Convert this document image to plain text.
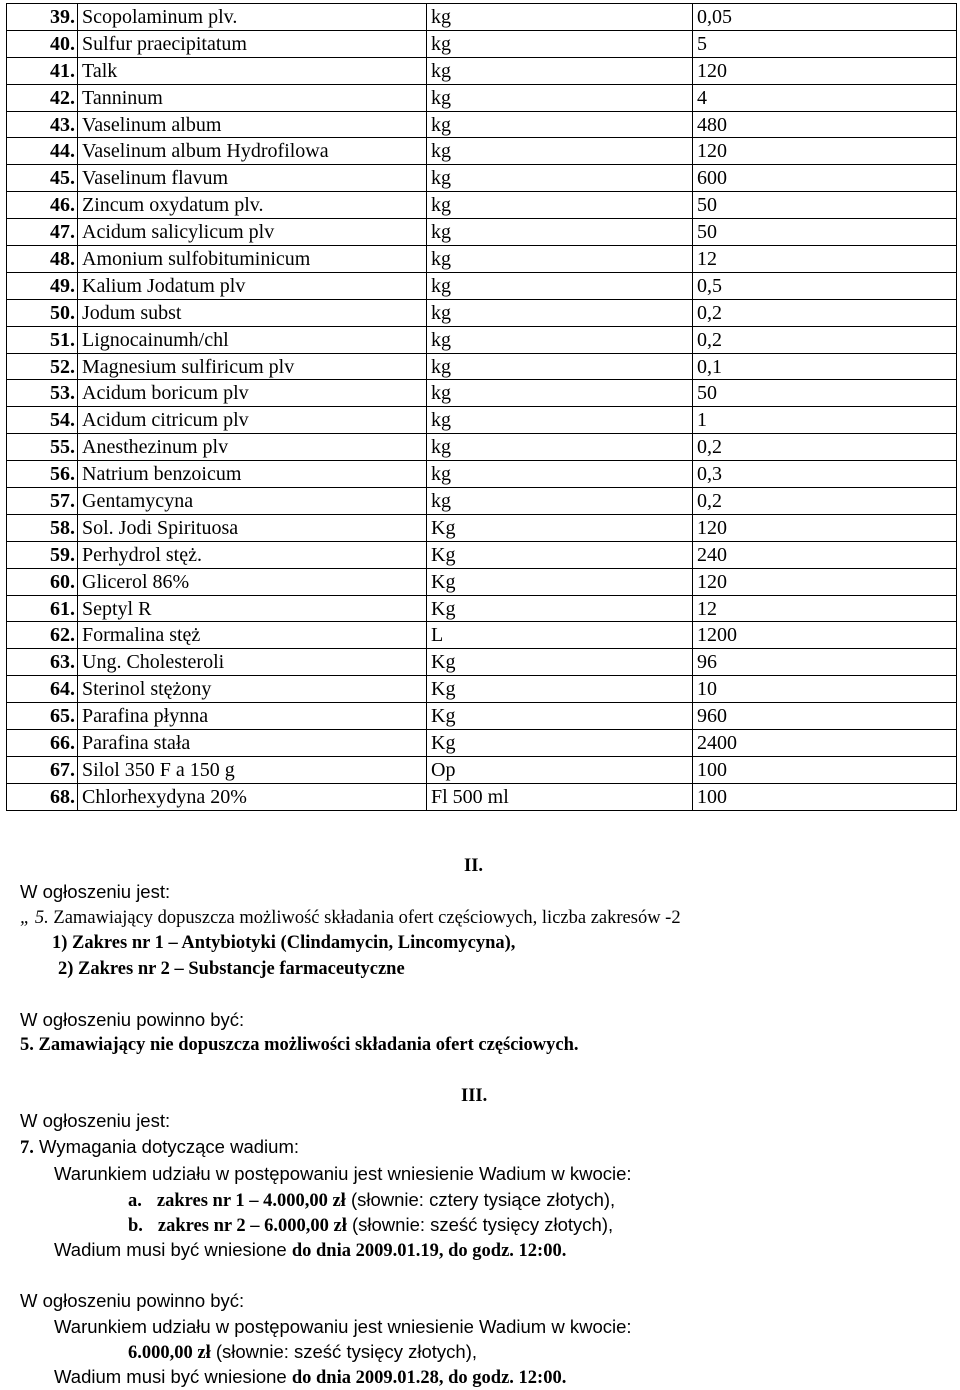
39.	Scopolaminum plv.	kg	0,05
40.	Sulfur praecipitatum	kg	5
41.	Talk	kg	120
42.	Tanninum	kg	4
43.	Vaselinum album	kg	480
44.	Vaselinum album Hydrofilowa	kg	120
45.	Vaselinum flavum	kg	600
46.	Zincum oxydatum plv.	kg	50
47.	Acidum salicylicum plv	kg	50
48.	Amonium sulfobituminicum	kg	12
49.	Kalium Jodatum plv	kg	0,5
50.	Jodum subst	kg	0,2
51.	Lignocainumh/chl	kg	0,2
52.	Magnesium sulfiricum plv	kg	0,1
53.	Acidum boricum plv	kg	50
54.	Acidum citricum plv	kg	1
55.	Anesthezinum plv	kg	0,2
56.	Natrium benzoicum	kg	0,3
57.	Gentamycyna	kg	0,2
58.	Sol. Jodi Spirituosa	Kg	120
59.	Perhydrol stęż.	Kg	240
60.	Glicerol 86%	Kg	120
61.	Septyl R	Kg	12
62.	Formalina stęż	L	1200
63.	Ung. Cholesteroli	Kg	96
64.	Sterinol stężony	Kg	10
65.	Parafina płynna	Kg	960
66.	Parafina stała	Kg	2400
67.	Silol 350 F a 150 g	Op	100
68.	Chlorhexydyna 20%	Fl 500 ml	100
II.
W ogłoszeniu jest:
„ 5. Zamawiający dopuszcza możliwość składania ofert częściowych, liczba zakresów -2
1) Zakres nr 1 – Antybiotyki (Clindamycin, Lincomycyna),
2) Zakres nr 2 – Substancje farmaceutyczne
W ogłoszeniu powinno być:
5. Zamawiający nie dopuszcza możliwości składania ofert częściowych.
III.
W ogłoszeniu jest:
7. Wymagania dotyczące wadium:
Warunkiem udziału w postępowaniu jest wniesienie Wadium w kwocie:
a. zakres nr 1 – 4.000,00 zł (słownie: cztery tysiące złotych),
b. zakres nr 2 – 6.000,00 zł (słownie: sześć tysięcy złotych),
Wadium musi być wniesione do dnia 2009.01.19, do godz. 12:00.
W ogłoszeniu powinno być:
Warunkiem udziału w postępowaniu jest wniesienie Wadium w kwocie:
6.000,00 zł (słownie: sześć tysięcy złotych),
Wadium musi być wniesione do dnia 2009.01.28, do godz. 12:00.
